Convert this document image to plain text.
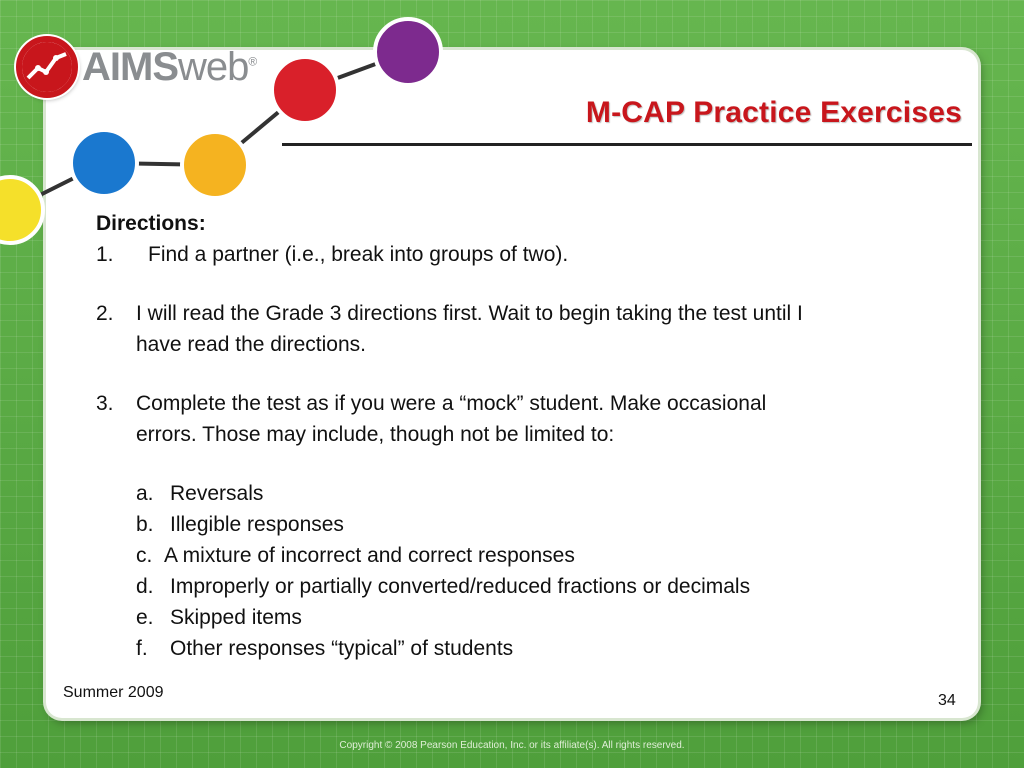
AIMSweb®
M-CAP Practice Exercises
Directions:
1.	Find a partner (i.e., break into groups of two).
2.	I will read the Grade 3 directions first. Wait to begin taking the test until I
have read the directions.
3.	Complete the test as if you were a “mock” student. Make occasional
errors. Those may include, though not be limited to:
a. Reversals
b. Illegible responses
c. A mixture of incorrect and correct responses
d. Improperly or partially converted/reduced fractions or decimals
e. Skipped items
f.	Other responses “typical” of students
Summer 2009	34
Copyright © 2008 Pearson Education, Inc. or its affiliate(s). All rights reserved.
